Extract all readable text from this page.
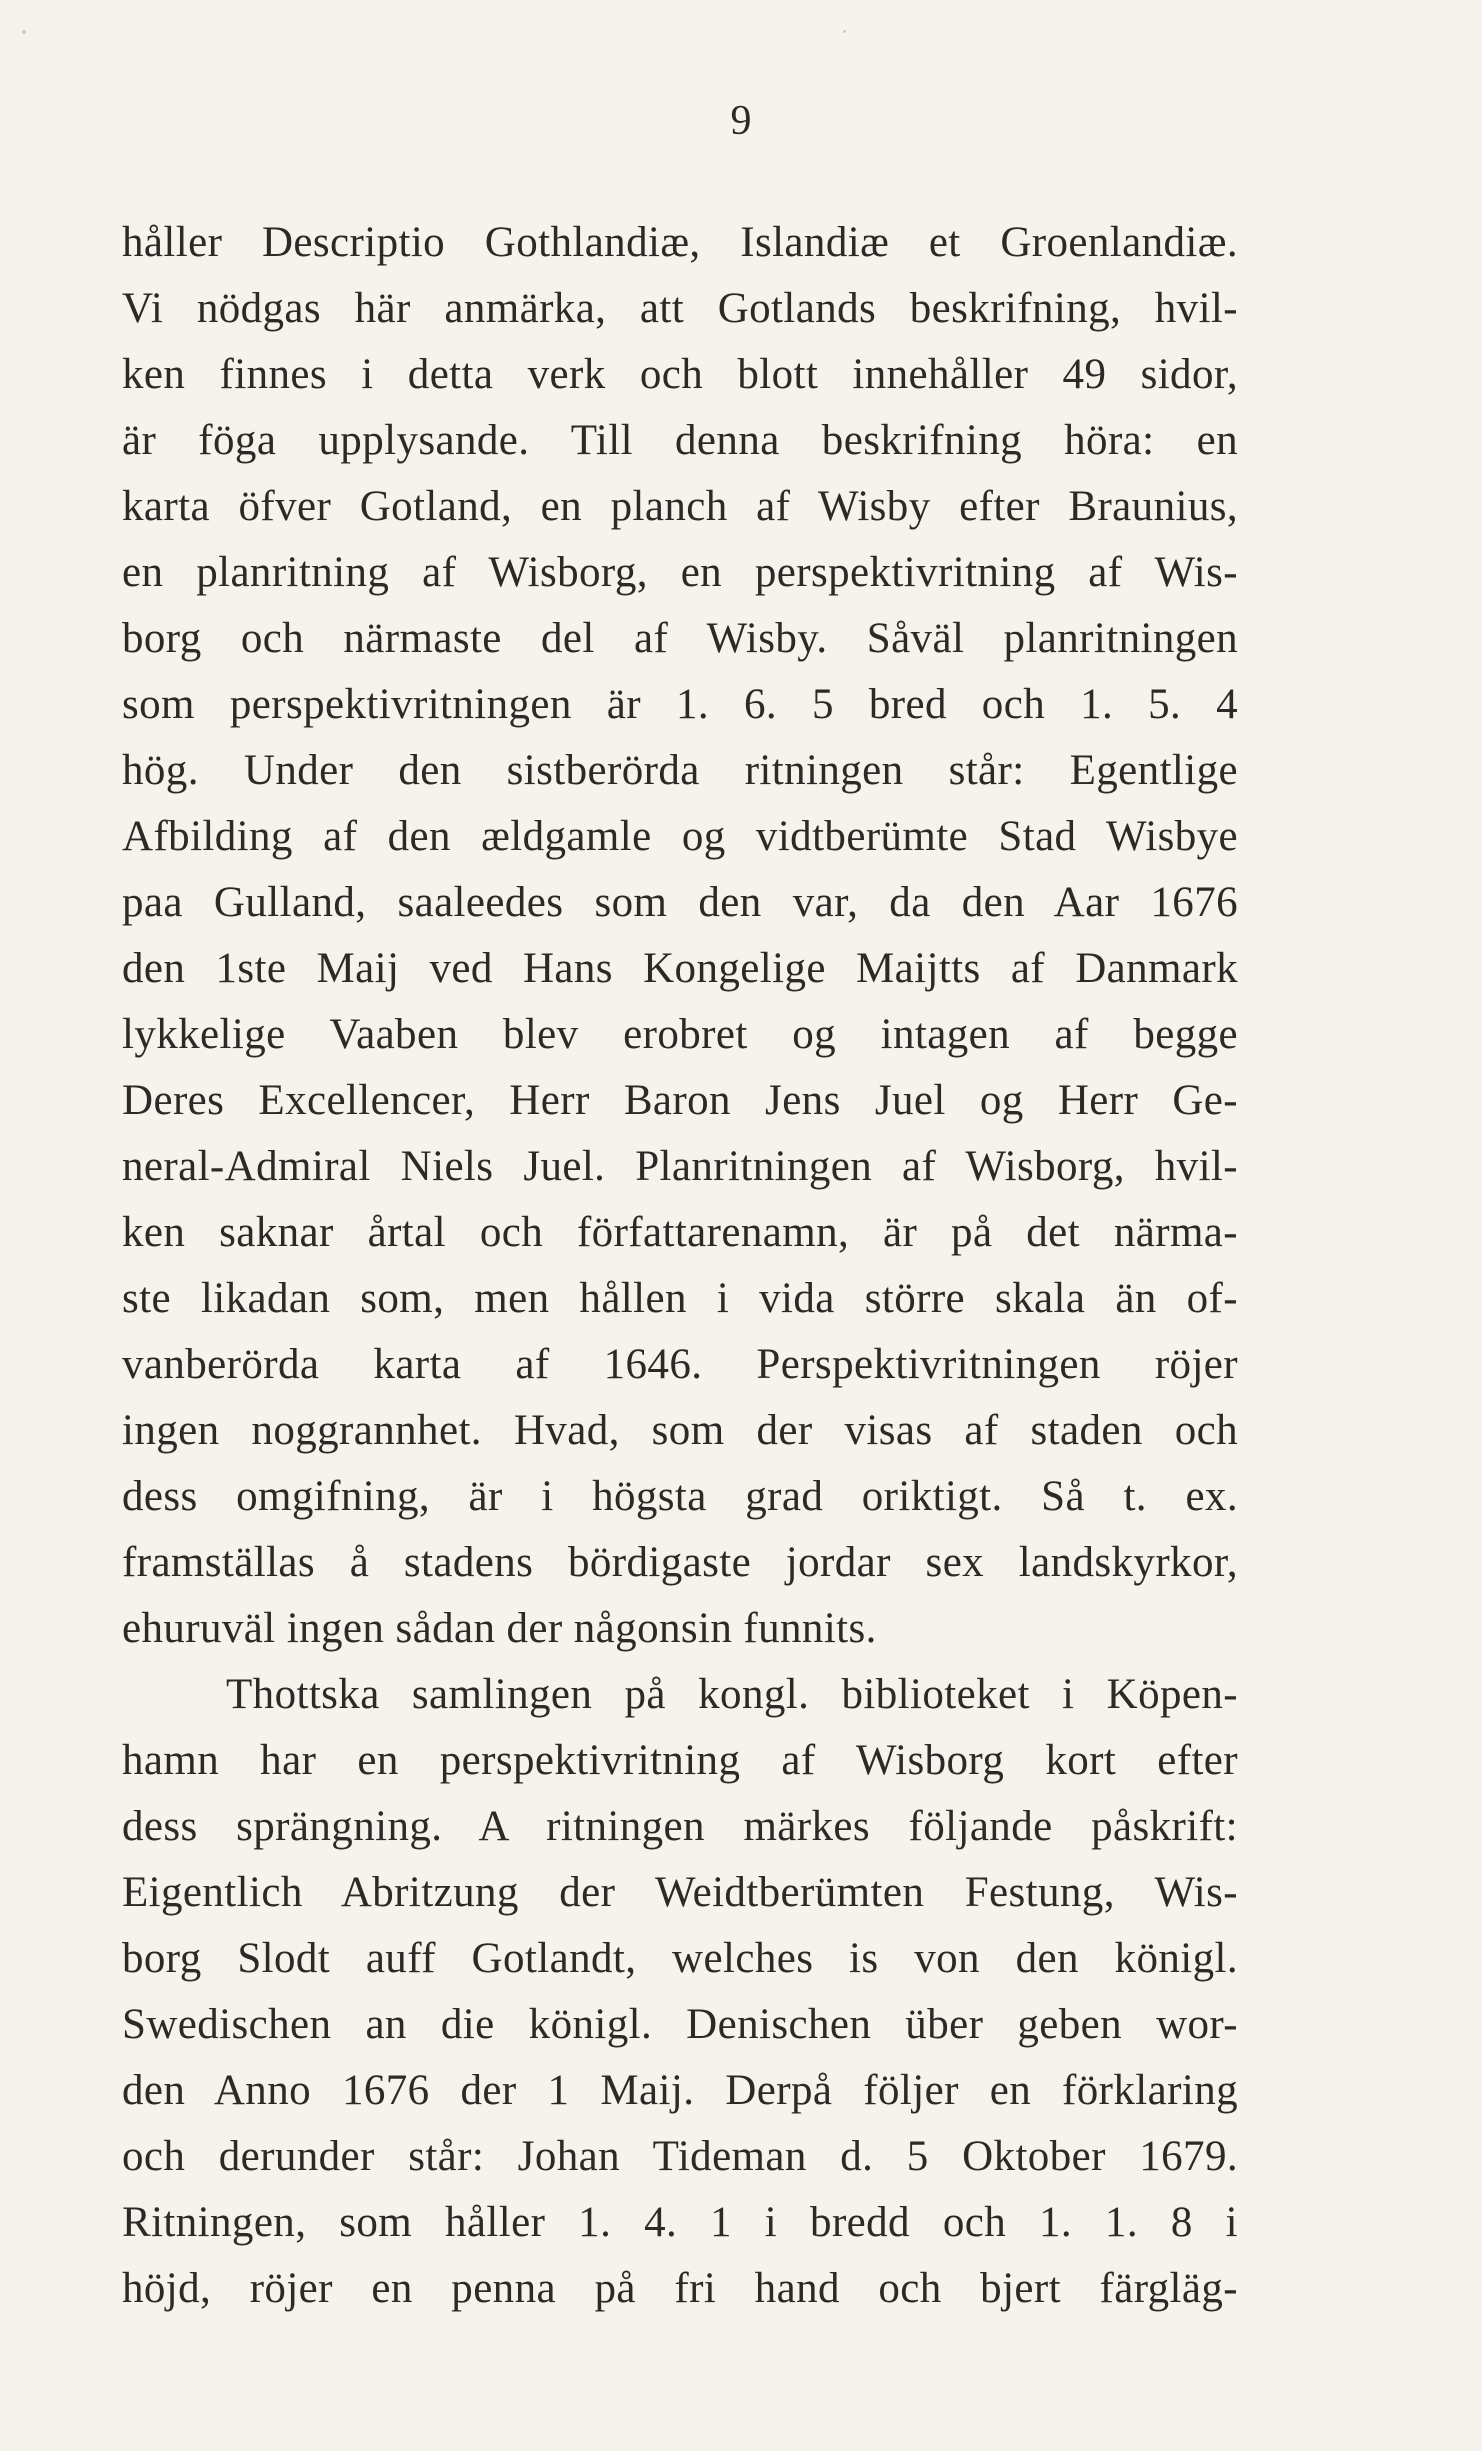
9
håller Descriptio Gothlandiæ, Islandiæ et Groenlandiæ.
Vi nödgas här anmärka, att Gotlands beskrifning, hvil-
ken finnes i detta verk och blott innehåller 49 sidor,
är föga upplysande. Till denna beskrifning höra: en
karta öfver Gotland, en planch af Wisby efter Braunius,
en planritning af Wisborg, en perspektivritning af Wis-
borg och närmaste del af Wisby. Såväl planritningen
som perspektivritningen är 1. 6. 5 bred och 1. 5. 4
hög. Under den sistberörda ritningen står: Egentlige
Afbilding af den ældgamle og vidtberümte Stad Wisbye
paa Gulland, saaleedes som den var, da den Aar 1676
den 1ste Maij ved Hans Kongelige Maijtts af Danmark
lykkelige Vaaben blev erobret og intagen af begge
Deres Excellencer, Herr Baron Jens Juel og Herr Ge-
neral-Admiral Niels Juel. Planritningen af Wisborg, hvil-
ken saknar årtal och författarenamn, är på det närma-
ste likadan som, men hållen i vida större skala än of-
vanberörda karta af 1646. Perspektivritningen röjer
ingen noggrannhet. Hvad, som der visas af staden och
dess omgifning, är i högsta grad oriktigt. Så t. ex.
framställas å stadens bördigaste jordar sex landskyrkor,
ehuruväl ingen sådan der någonsin funnits.
Thottska samlingen på kongl. biblioteket i Köpen-
hamn har en perspektivritning af Wisborg kort efter
dess sprängning. A ritningen märkes följande påskrift:
Eigentlich Abritzung der Weidtberümten Festung, Wis-
borg Slodt auff Gotlandt, welches is von den königl.
Swedischen an die königl. Denischen über geben wor-
den Anno 1676 der 1 Maij. Derpå följer en förklaring
och derunder står: Johan Tideman d. 5 Oktober 1679.
Ritningen, som håller 1. 4. 1 i bredd och 1. 1. 8 i
höjd, röjer en penna på fri hand och bjert färgläg-
